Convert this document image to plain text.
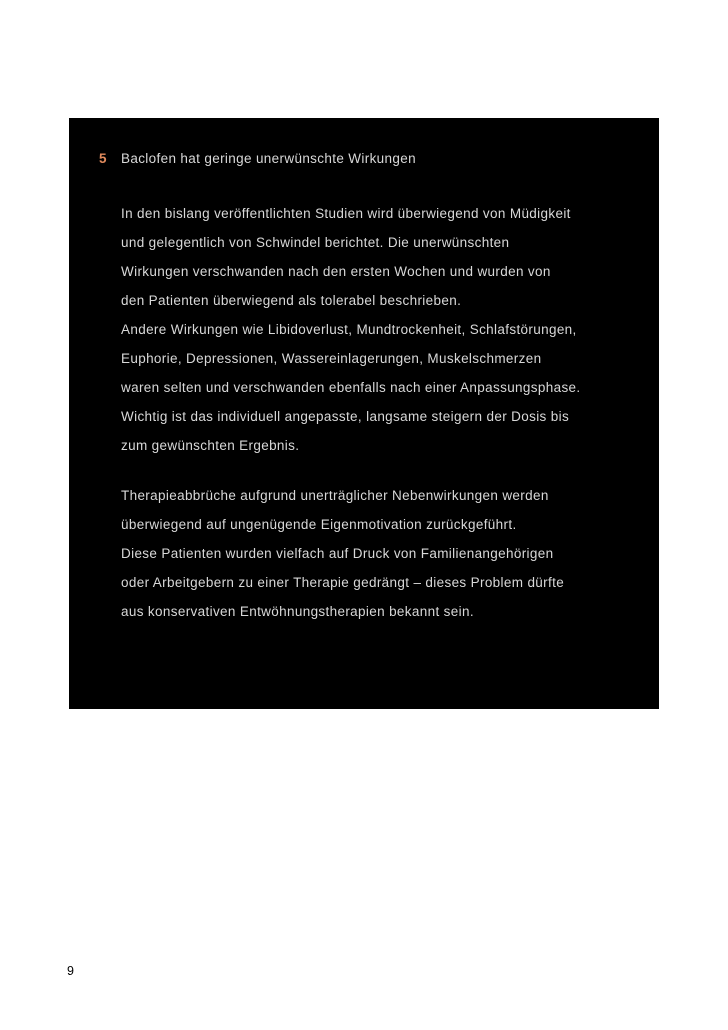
5	Baclofen hat geringe unerwünschte Wirkungen
In den bislang veröffentlichten Studien wird überwiegend von Müdigkeit
und gelegentlich von Schwindel berichtet. Die unerwünschten
Wirkungen verschwanden nach den ersten Wochen und wurden von
den Patienten überwiegend als tolerabel beschrieben.
Andere Wirkungen wie Libidoverlust, Mundtrockenheit, Schlafstörungen,
Euphorie, Depressionen, Wassereinlagerungen, Muskelschmerzen
waren selten und verschwanden ebenfalls nach einer Anpassungsphase.
Wichtig ist das individuell angepasste, langsame steigern der Dosis bis
zum gewünschten Ergebnis.
Therapieabbrüche aufgrund unerträglicher Nebenwirkungen werden
überwiegend auf ungenügende Eigenmotivation zurückgeführt.
Diese Patienten wurden vielfach auf Druck von Familienangehörigen
oder Arbeitgebern zu einer Therapie gedrängt – dieses Problem dürfte
aus konservativen Entwöhnungstherapien bekannt sein.
9
